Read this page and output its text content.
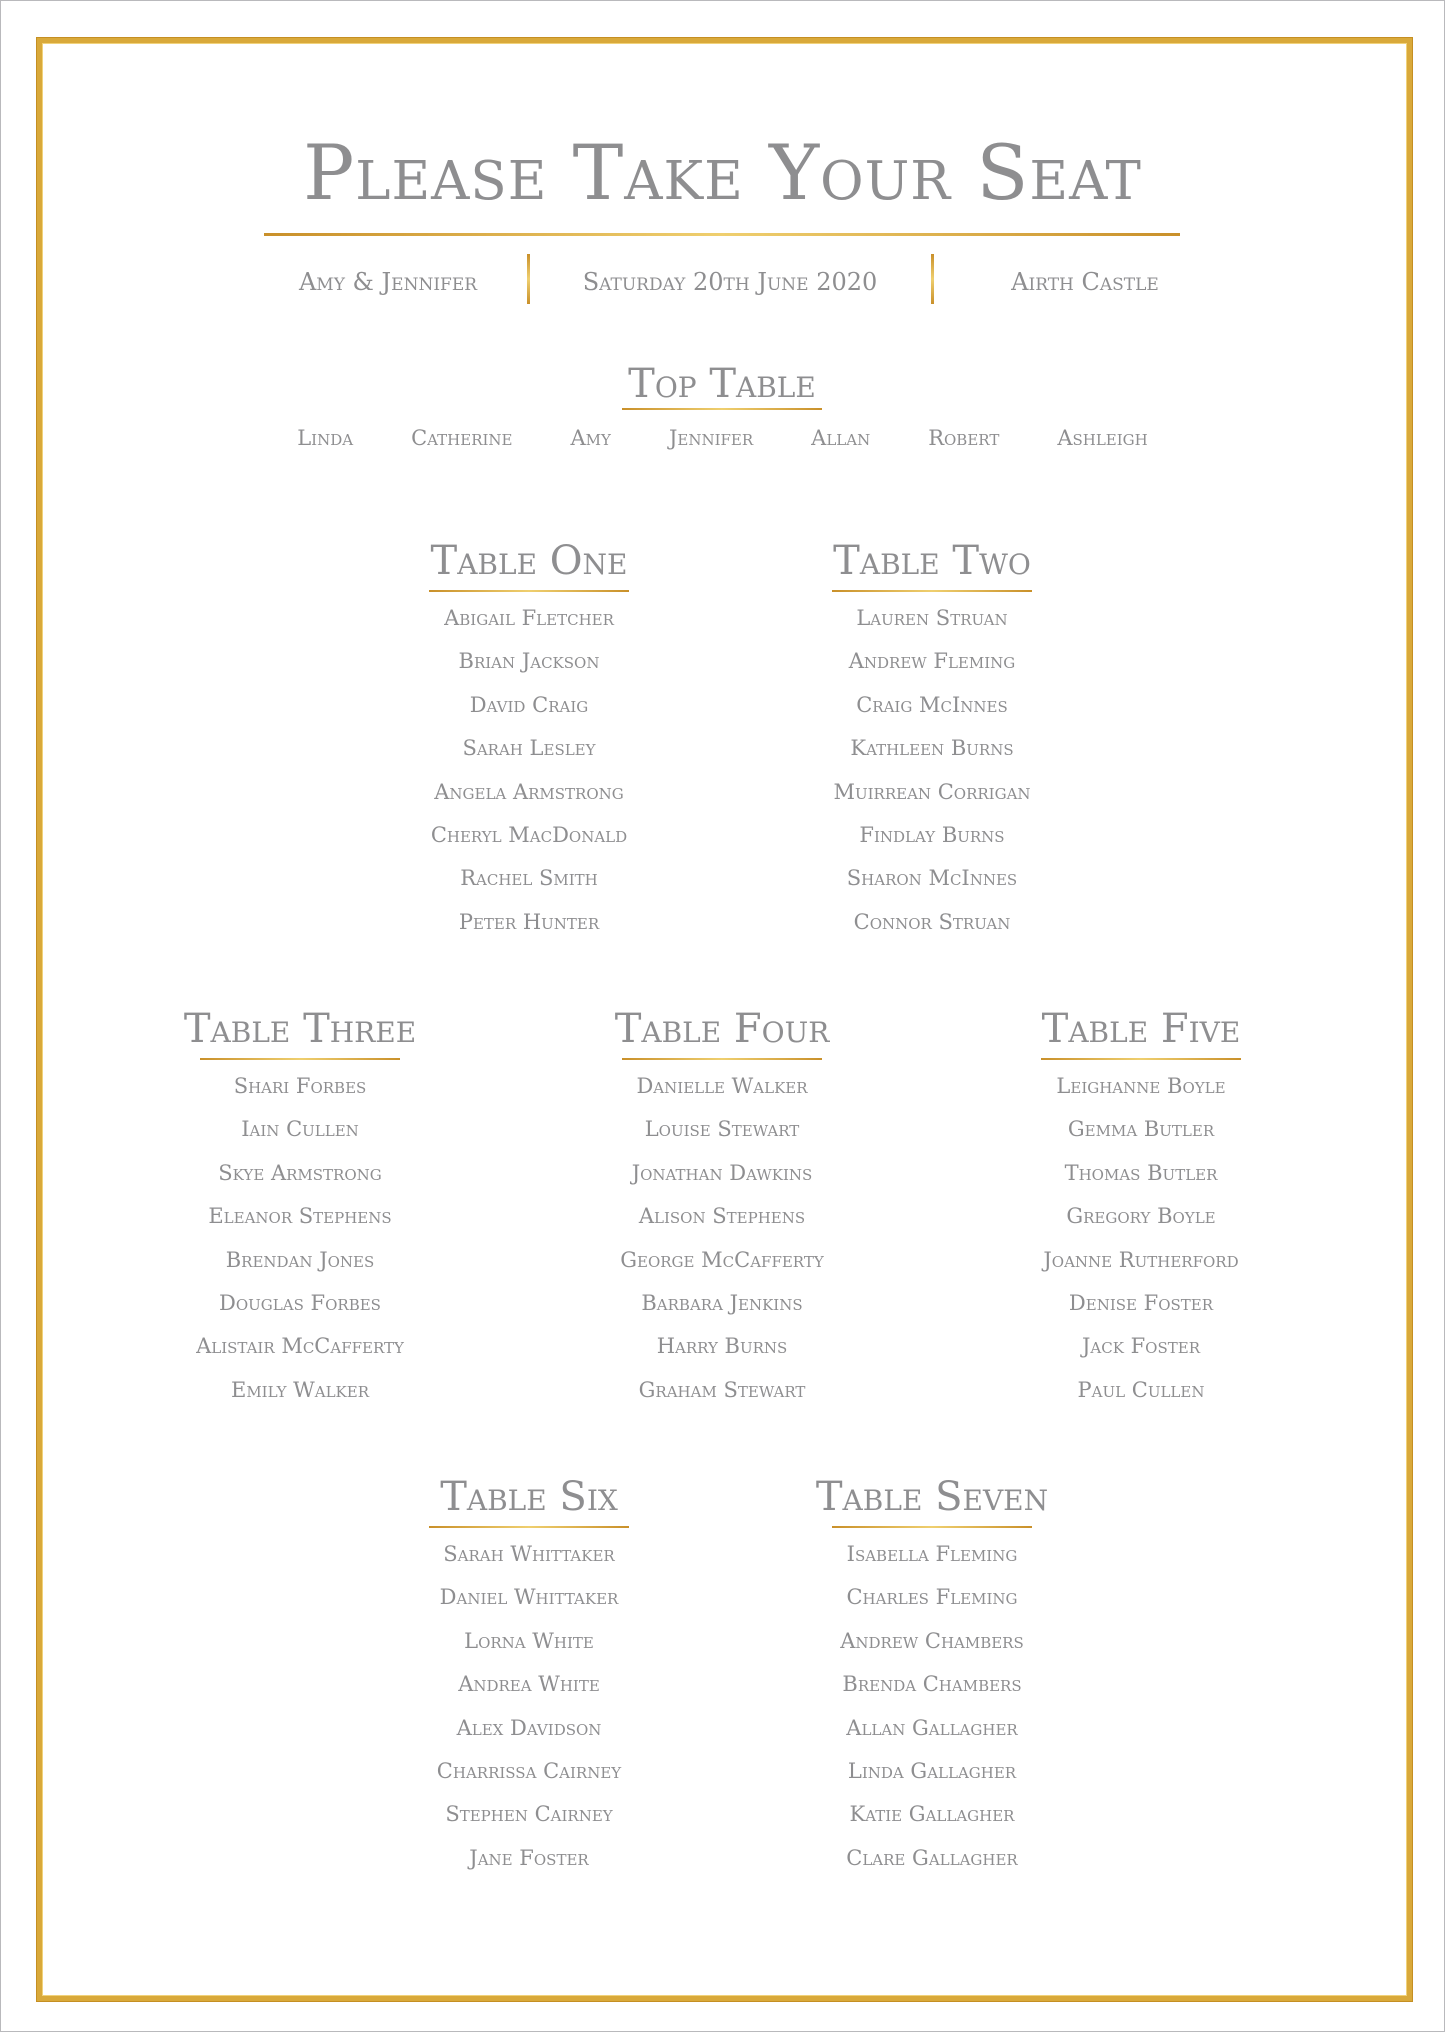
Please Take Your Seat
Amy & Jennifer	Saturday 20th June 2020	Airth Castle
Top Table
Linda	Catherine	Amy	Jennifer	Allan	Robert	Ashleigh
Table One
Abigail Fletcher
Brian Jackson
David Craig
Sarah Lesley
Angela Armstrong
Cheryl MacDonald
Rachel Smith
Peter Hunter
Table Two
Lauren Struan
Andrew Fleming
Craig McInnes
Kathleen Burns
Muirrean Corrigan
Findlay Burns
Sharon McInnes
Connor Struan
Table Three
Shari Forbes
Iain Cullen
Skye Armstrong
Eleanor Stephens
Brendan Jones
Douglas Forbes
Alistair McCafferty
Emily Walker
Table Four
Danielle Walker
Louise Stewart
Jonathan Dawkins
Alison Stephens
George McCafferty
Barbara Jenkins
Harry Burns
Graham Stewart
Table Five
Leighanne Boyle
Gemma Butler
Thomas Butler
Gregory Boyle
Joanne Rutherford
Denise Foster
Jack Foster
Paul Cullen
Table Six
Sarah Whittaker
Daniel Whittaker
Lorna White
Andrea White
Alex Davidson
Charrissa Cairney
Stephen Cairney
Jane Foster
Table Seven
Isabella Fleming
Charles Fleming
Andrew Chambers
Brenda Chambers
Allan Gallagher
Linda Gallagher
Katie Gallagher
Clare Gallagher
